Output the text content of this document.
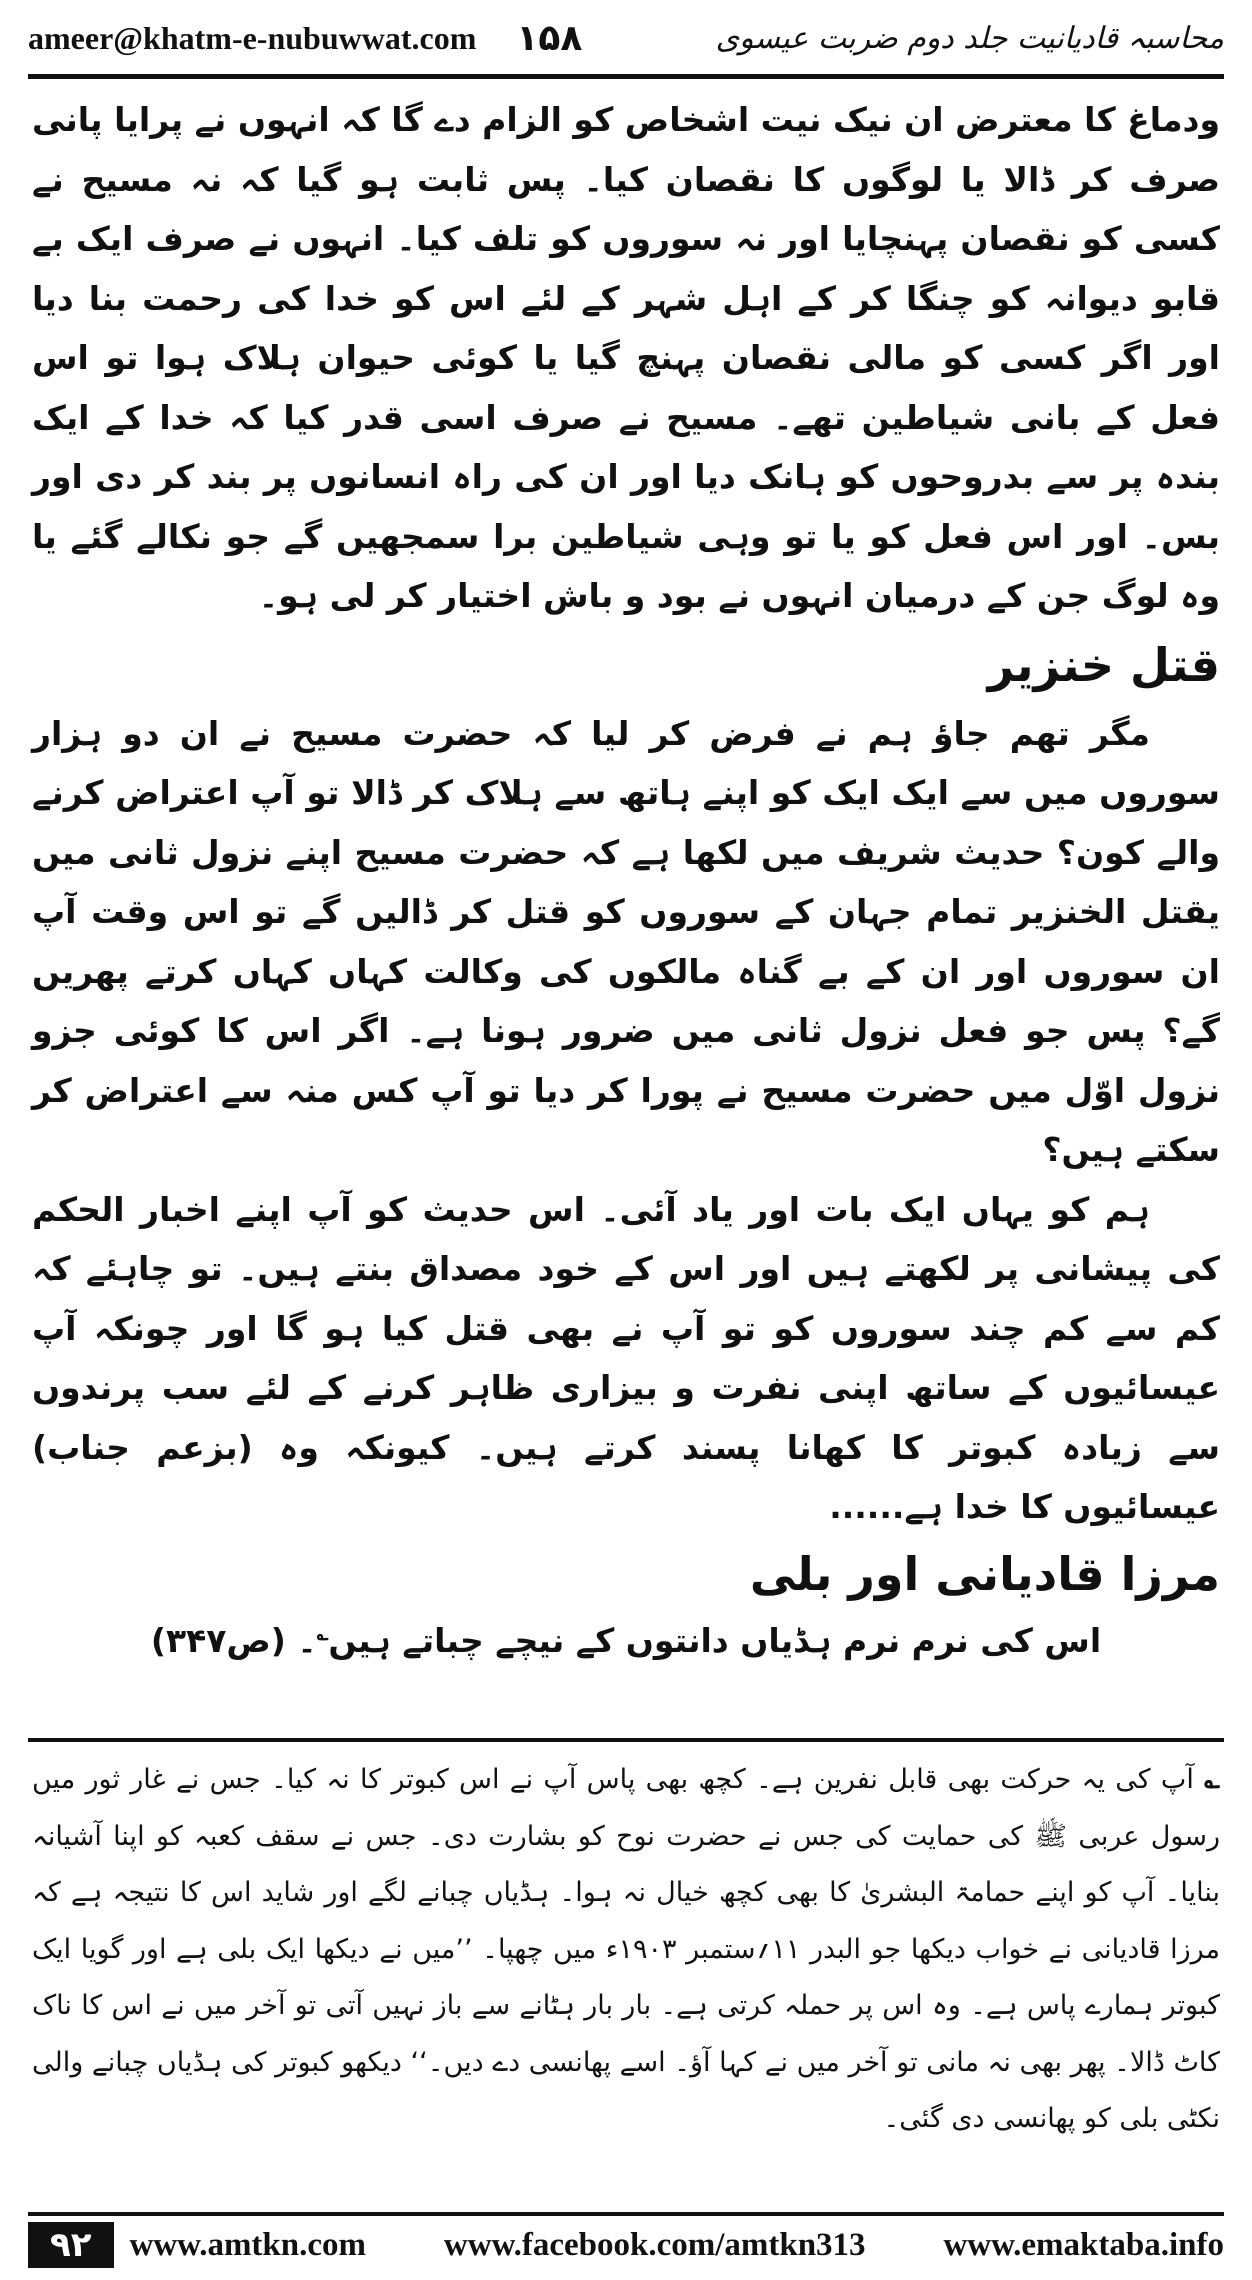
ameer@khatm-e-nubuwwat.com ۱۵۸	محاسبہ قادیانیت جلد دوم ضربت عیسوی

ودماغ کا معترض ان نیک نیت اشخاص کو الزام دے گا کہ انہوں نے پرایا پانی صرف کر ڈالا یا لوگوں کا نقصان کیا۔ پس ثابت ہو گیا کہ نہ مسیح نے کسی کو نقصان پہنچایا اور نہ سوروں کو تلف کیا۔ انہوں نے صرف ایک بے قابو دیوانہ کو چنگا کر کے اہل شہر کے لئے اس کو خدا کی رحمت بنا دیا اور اگر کسی کو مالی نقصان پہنچ گیا یا کوئی حیوان ہلاک ہوا تو اس فعل کے بانی شیاطین تھے۔ مسیح نے صرف اسی قدر کیا کہ خدا کے ایک بندہ پر سے بدروحوں کو ہانک دیا اور ان کی راہ انسانوں پر بند کر دی اور بس۔ اور اس فعل کو یا تو وہی شیاطین برا سمجھیں گے جو نکالے گئے یا وہ لوگ جن کے درمیان انہوں نے بود و باش اختیار کر لی ہو۔

قتل خنزیر

مگر تھم جاؤ ہم نے فرض کر لیا کہ حضرت مسیح نے ان دو ہزار سوروں میں سے ایک ایک کو اپنے ہاتھ سے ہلاک کر ڈالا تو آپ اعتراض کرنے والے کون؟ حدیث شریف میں لکھا ہے کہ حضرت مسیح اپنے نزول ثانی میں یقتل الخنزیر تمام جہان کے سوروں کو قتل کر ڈالیں گے تو اس وقت آپ ان سوروں اور ان کے بے گناہ مالکوں کی وکالت کہاں کہاں کرتے پھریں گے؟ پس جو فعل نزول ثانی میں ضرور ہونا ہے۔ اگر اس کا کوئی جزو نزول اوّل میں حضرت مسیح نے پورا کر دیا تو آپ کس منہ سے اعتراض کر سکتے ہیں؟

ہم کو یہاں ایک بات اور یاد آئی۔ اس حدیث کو آپ اپنے اخبار الحکم کی پیشانی پر لکھتے ہیں اور اس کے خود مصداق بنتے ہیں۔ تو چاہئے کہ کم سے کم چند سوروں کو تو آپ نے بھی قتل کیا ہو گا اور چونکہ آپ عیسائیوں کے ساتھ اپنی نفرت و بیزاری ظاہر کرنے کے لئے سب پرندوں سے زیادہ کبوتر کا کھانا پسند کرتے ہیں۔ کیونکہ وہ (بزعم جناب) عیسائیوں کا خدا ہے......

مرزا قادیانی اور بلی

اس کی نرم نرم ہڈیاں دانتوں کے نیچے چباتے ہیں؎۔ (ص۳۴۷)

؎ آپ کی یہ حرکت بھی قابل نفرین ہے۔ کچھ بھی پاس آپ نے اس کبوتر کا نہ کیا۔ جس نے غار ثور میں رسول عربی ﷺ کی حمایت کی جس نے حضرت نوح کو بشارت دی۔ جس نے سقف کعبہ کو اپنا آشیانہ بنایا۔ آپ کو اپنے حمامۃ البشریٰ کا بھی کچھ خیال نہ ہوا۔ ہڈیاں چبانے لگے اور شاید اس کا نتیجہ ہے کہ مرزا قادیانی نے خواب دیکھا جو البدر ۱۱؍ستمبر ۱۹۰۳ء میں چھپا۔ ’’میں نے دیکھا ایک بلی ہے اور گویا ایک کبوتر ہمارے پاس ہے۔ وہ اس پر حملہ کرتی ہے۔ بار بار ہٹانے سے باز نہیں آتی تو آخر میں نے اس کا ناک کاٹ ڈالا۔ پھر بھی نہ مانی تو آخر میں نے کہا آؤ۔ اسے پھانسی دے دیں۔‘‘ دیکھو کبوتر کی ہڈیاں چبانے والی نکٹی بلی کو پھانسی دی گئی۔

۹۲	www.amtkn.com www.facebook.com/amtkn313 www.emaktaba.info
